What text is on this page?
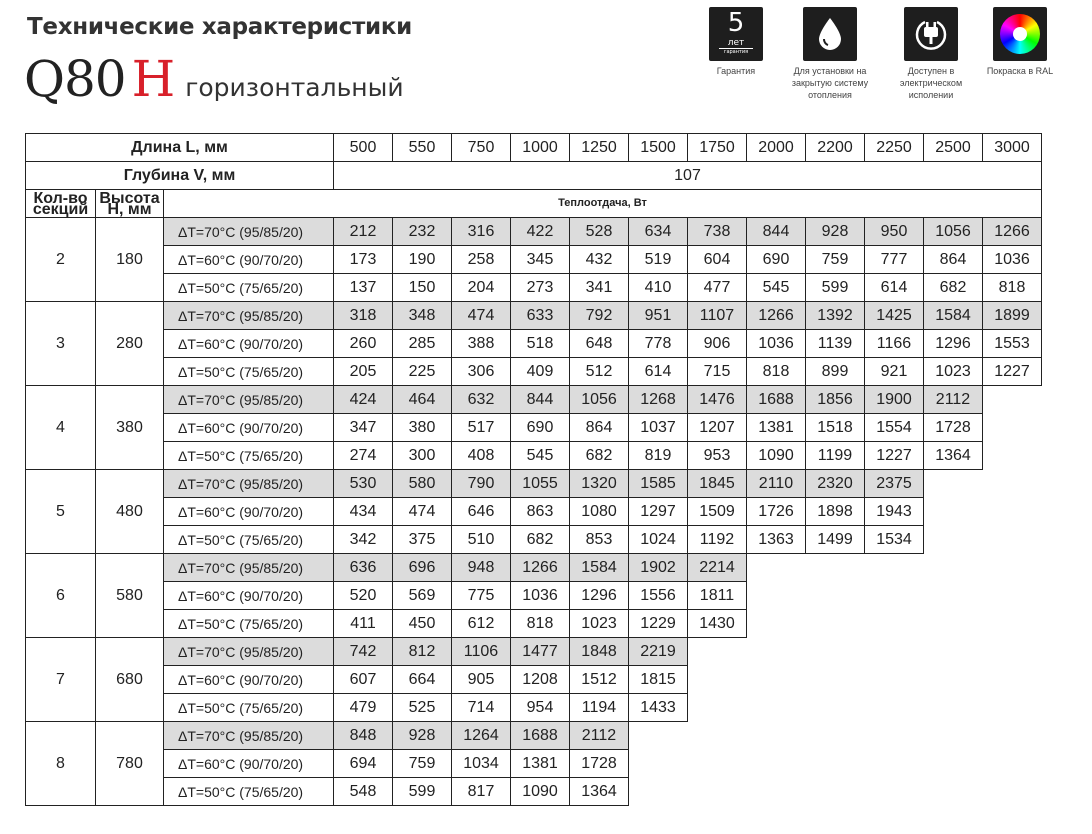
Технические характеристики
Q80 H горизонтальный
5
лет
гарантия
Гарантия	Для установки на закрытую систему отопления
Доступен в электрическом исполении
Покраска в RAL
Длина L, мм			500	550	750	1000	1250	1500	1750	2000	2200	2250	2500	3000
Глубина V, мм			107											
Кол-во секций	Высота H, мм	Теплоотдача, Вт												
2	180	ΔT=70°C (95/85/20)	212	232	316	422	528	634	738	844	928	950	1056	1266
		ΔT=60°C (90/70/20)	173	190	258	345	432	519	604	690	759	777	864	1036
		ΔT=50°C (75/65/20)	137	150	204	273	341	410	477	545	599	614	682	818
3	280	ΔT=70°C (95/85/20)	318	348	474	633	792	951	1107	1266	1392	1425	1584	1899
		ΔT=60°C (90/70/20)	260	285	388	518	648	778	906	1036	1139	1166	1296	1553
		ΔT=50°C (75/65/20)	205	225	306	409	512	614	715	818	899	921	1023	1227
4	380	ΔT=70°C (95/85/20)	424	464	632	844	1056	1268	1476	1688	1856	1900	2112	
		ΔT=60°C (90/70/20)	347	380	517	690	864	1037	1207	1381	1518	1554	1728	
		ΔT=50°C (75/65/20)	274	300	408	545	682	819	953	1090	1199	1227	1364	
5	480	ΔT=70°C (95/85/20)	530	580	790	1055	1320	1585	1845	2110	2320	2375		
		ΔT=60°C (90/70/20)	434	474	646	863	1080	1297	1509	1726	1898	1943		
		ΔT=50°C (75/65/20)	342	375	510	682	853	1024	1192	1363	1499	1534		
6	580	ΔT=70°C (95/85/20)	636	696	948	1266	1584	1902	2214					
		ΔT=60°C (90/70/20)	520	569	775	1036	1296	1556	1811					
		ΔT=50°C (75/65/20)	411	450	612	818	1023	1229	1430					
7	680	ΔT=70°C (95/85/20)	742	812	1106	1477	1848	2219						
		ΔT=60°C (90/70/20)	607	664	905	1208	1512	1815						
		ΔT=50°C (75/65/20)	479	525	714	954	1194	1433						
8	780	ΔT=70°C (95/85/20)	848	928	1264	1688	2112							
		ΔT=60°C (90/70/20)	694	759	1034	1381	1728							
		ΔT=50°C (75/65/20)	548	599	817	1090	1364							
